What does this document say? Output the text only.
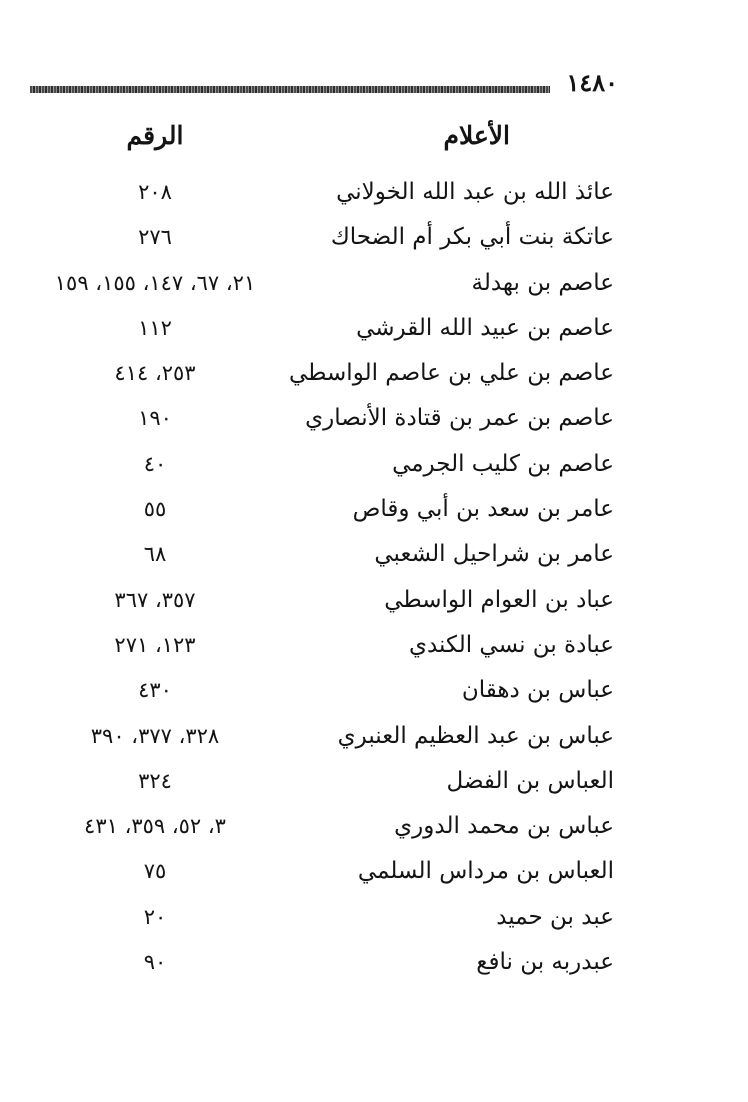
١٤٨٠
الأعلام
الرقم
عائذ الله بن عبد الله الخولاني
٢٠٨
عاتكة بنت أبي بكر أم الضحاك
٢٧٦
عاصم بن بهدلة
٢١، ٦٧، ١٤٧، ١٥٥، ١٥٩
عاصم بن عبيد الله القرشي
١١٢
عاصم بن علي بن عاصم الواسطي
٢٥٣، ٤١٤
عاصم بن عمر بن قتادة الأنصاري
١٩٠
عاصم بن كليب الجرمي
٤٠
عامر بن سعد بن أبي وقاص
٥٥
عامر بن شراحيل الشعبي
٦٨
عباد بن العوام الواسطي
٣٥٧، ٣٦٧
عبادة بن نسي الكندي
١٢٣، ٢٧١
عباس بن دهقان
٤٣٠
عباس بن عبد العظيم العنبري
٣٢٨، ٣٧٧، ٣٩٠
العباس بن الفضل
٣٢٤
عباس بن محمد الدوري
٣، ٥٢، ٣٥٩، ٤٣١
العباس بن مرداس السلمي
٧٥
عبد بن حميد
٢٠
عبدربه بن نافع
٩٠
